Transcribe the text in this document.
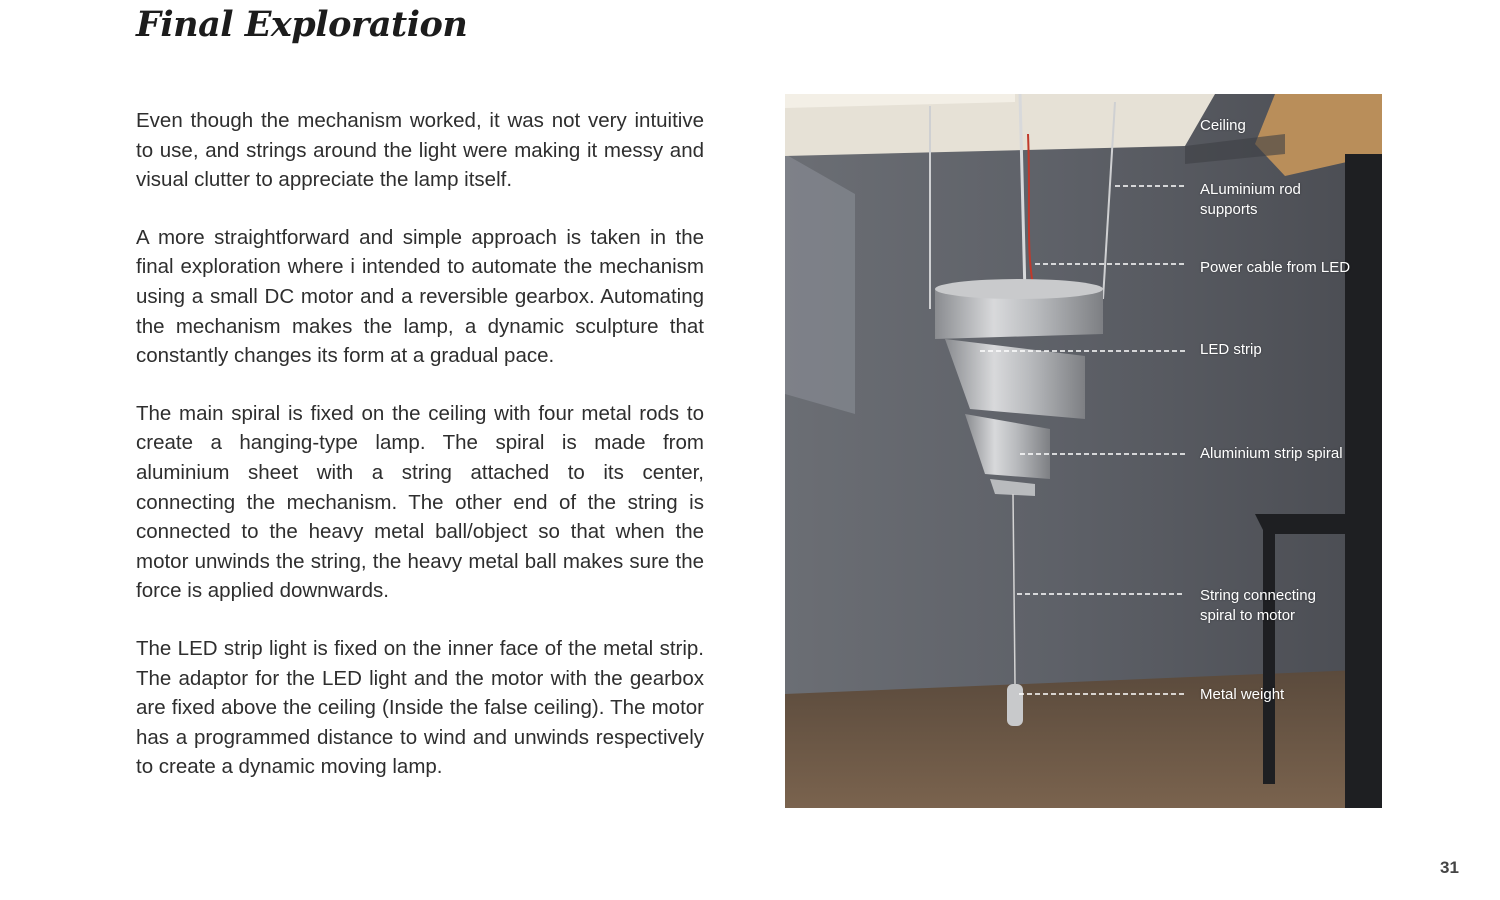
Final Exploration

Even though the mechanism worked, it was not very intuitive to use, and strings around the light were making it messy and visual clutter to appreciate the lamp itself.

A more straightforward and simple approach is taken in the final exploration where i intended to automate the mechanism using a small DC motor and a reversible gearbox. Automating the mechanism makes the lamp, a dynamic sculpture that constantly changes its form at a gradual pace.

The main spiral is fixed on the ceiling with four metal rods to create a hanging-type lamp. The spiral is made from aluminium sheet with a string attached to its center, connecting the mechanism. The other end of the string is connected to the heavy metal ball/object so that when the motor unwinds the string, the heavy metal ball makes sure the force is applied downwards.

The LED strip light is fixed on the inner face of the metal strip. The adaptor for the LED light and the motor with the gearbox are fixed above the ceiling (Inside the false ceiling). The motor has a programmed distance to wind and unwinds respectively to create a dynamic moving lamp.

Ceiling
ALuminium rod
supports
Power cable from LED
LED strip
Aluminium strip spiral
String connecting
spiral to motor
Metal weight
31
